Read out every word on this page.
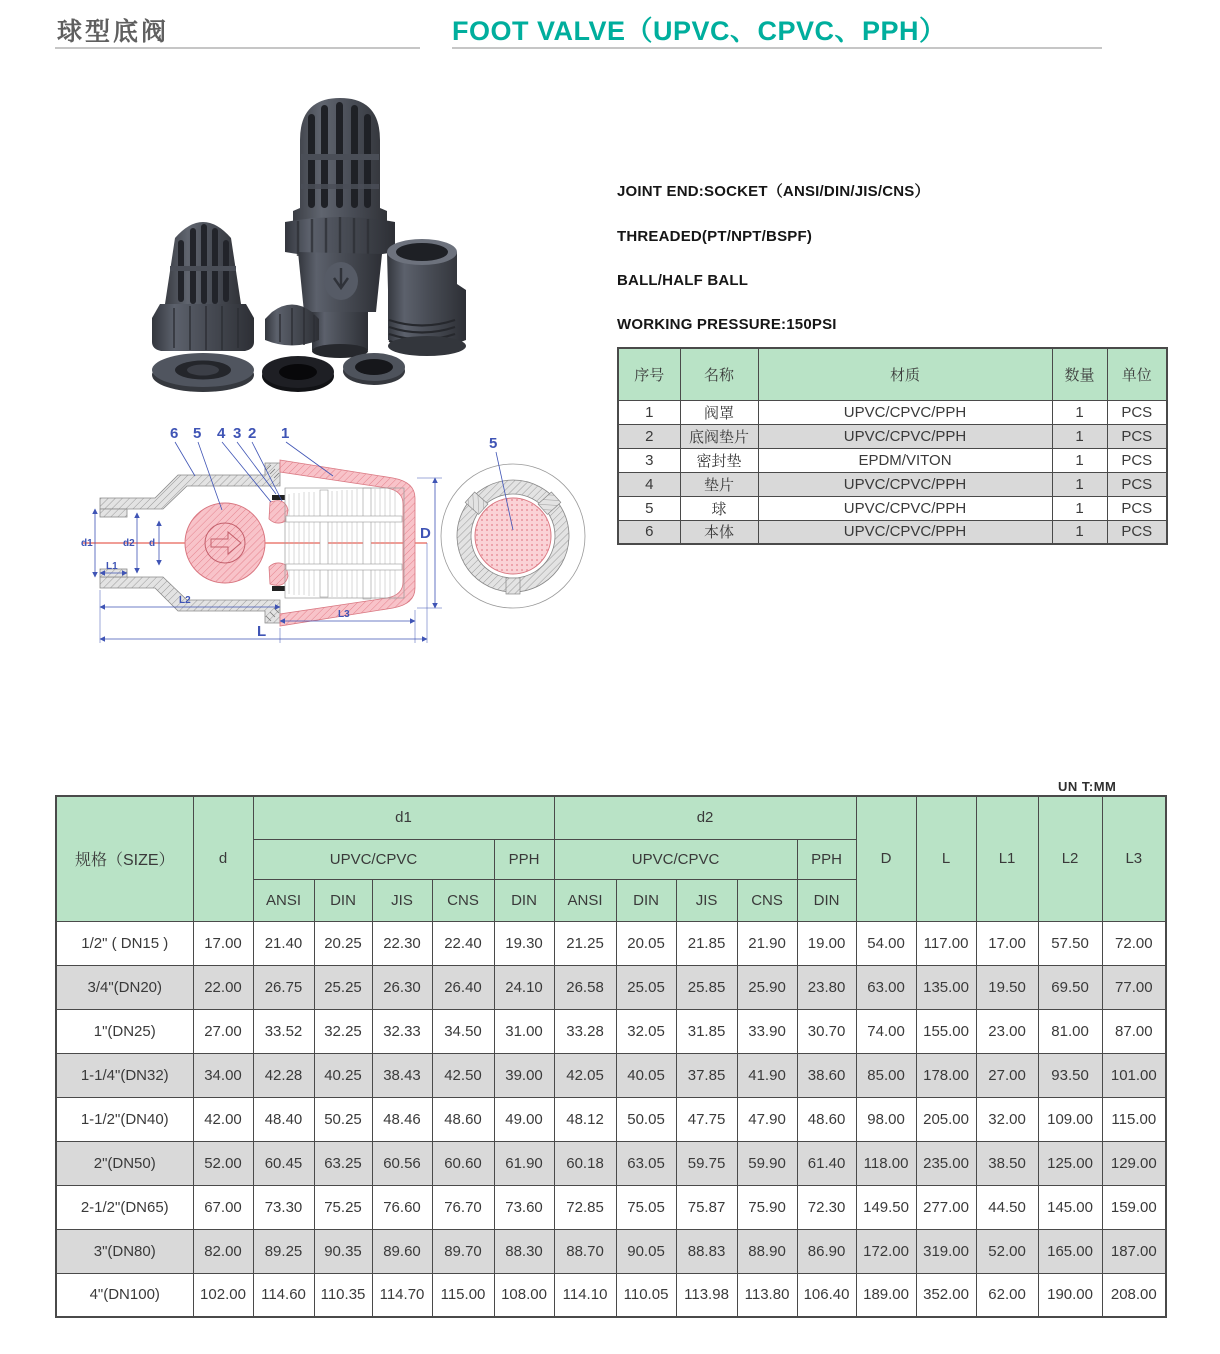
球型底阀	FOOT VALVE（UPVC、CPVC、PPH）
6 5 4 3 2 1
d1	d2 d
L1
L2
L3
L
D
5
JOINT END:SOCKET（ANSI/DIN/JIS/CNS）
THREADED(PT/NPT/BSPF)
BALL/HALF BALL
WORKING PRESSURE:150PSI
序号	名称	材质	数量	单位
1	阀罩	UPVC/CPVC/PPH	1	PCS
2	底阀垫片	UPVC/CPVC/PPH	1	PCS
3	密封垫	EPDM/VITON	1	PCS
4	垫片	UPVC/CPVC/PPH	1	PCS
5	球	UPVC/CPVC/PPH	1	PCS
6	本体	UPVC/CPVC/PPH	1	PCS
UN T:MM
规格（SIZE）	d	d1					d2					D	L	L1	L2	L3
		UPVC/CPVC				PPH	UPVC/CPVC				PPH					
		ANSI	DIN	JIS	CNS	DIN	ANSI	DIN	JIS	CNS	DIN					
1/2" ( DN15 )	17.00	21.40	20.25	22.30	22.40	19.30	21.25	20.05	21.85	21.90	19.00	54.00	117.00	17.00	57.50	72.00
3/4"(DN20)	22.00	26.75	25.25	26.30	26.40	24.10	26.58	25.05	25.85	25.90	23.80	63.00	135.00	19.50	69.50	77.00
1"(DN25)	27.00	33.52	32.25	32.33	34.50	31.00	33.28	32.05	31.85	33.90	30.70	74.00	155.00	23.00	81.00	87.00
1-1/4"(DN32)	34.00	42.28	40.25	38.43	42.50	39.00	42.05	40.05	37.85	41.90	38.60	85.00	178.00	27.00	93.50	101.00
1-1/2"(DN40)	42.00	48.40	50.25	48.46	48.60	49.00	48.12	50.05	47.75	47.90	48.60	98.00	205.00	32.00	109.00	115.00
2"(DN50)	52.00	60.45	63.25	60.56	60.60	61.90	60.18	63.05	59.75	59.90	61.40	118.00	235.00	38.50	125.00	129.00
2-1/2"(DN65)	67.00	73.30	75.25	76.60	76.70	73.60	72.85	75.05	75.87	75.90	72.30	149.50	277.00	44.50	145.00	159.00
3"(DN80)	82.00	89.25	90.35	89.60	89.70	88.30	88.70	90.05	88.83	88.90	86.90	172.00	319.00	52.00	165.00	187.00
4"(DN100)	102.00	114.60	110.35	114.70	115.00	108.00	114.10	110.05	113.98	113.80	106.40	189.00	352.00	62.00	190.00	208.00
